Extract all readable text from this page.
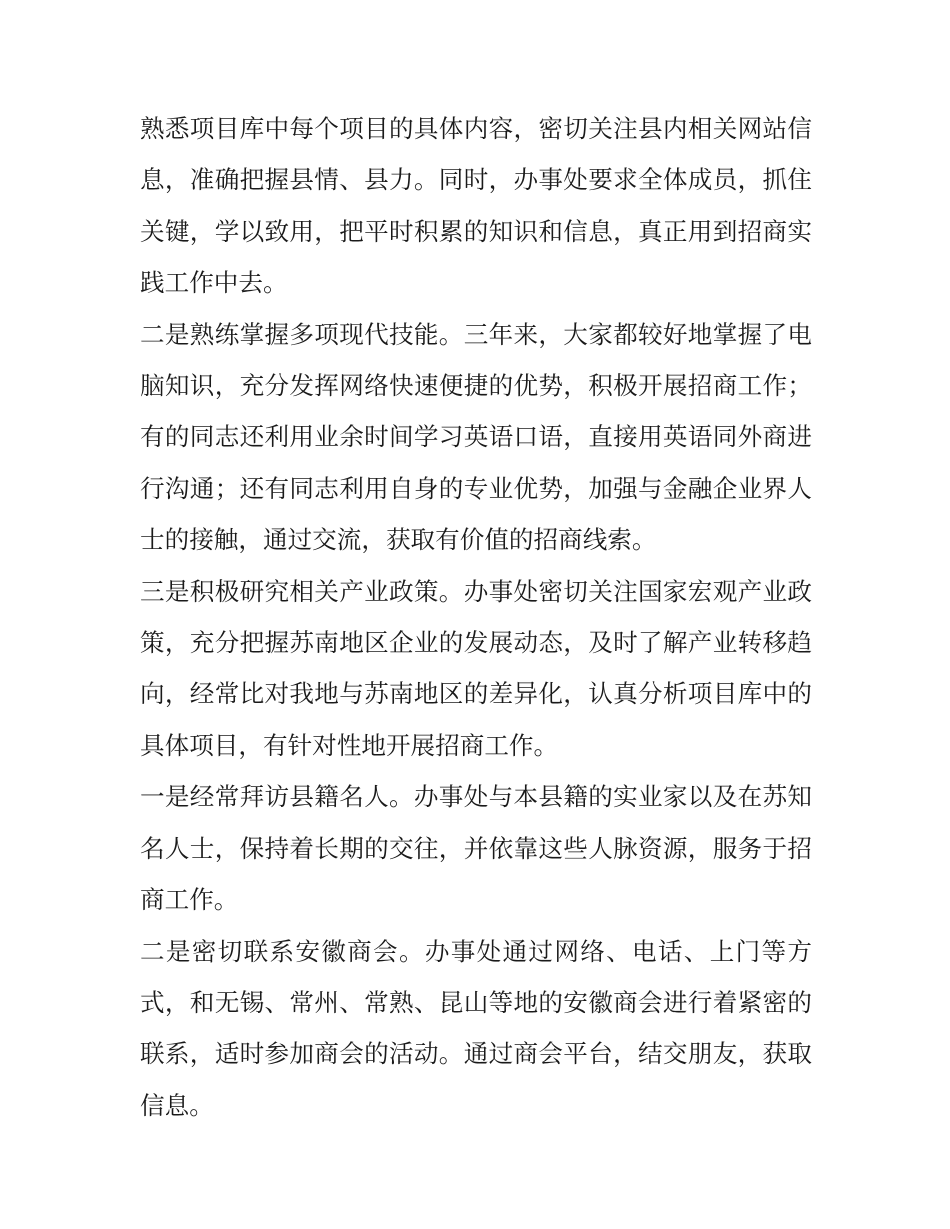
熟悉项目库中每个项目的具体内容，密切关注县内相关网站信息，准确把握县情、县力。同时，办事处要求全体成员，抓住关键，学以致用，把平时积累的知识和信息，真正用到招商实践工作中去。

二是熟练掌握多项现代技能。三年来，大家都较好地掌握了电脑知识，充分发挥网络快速便捷的优势，积极开展招商工作；有的同志还利用业余时间学习英语口语，直接用英语同外商进行沟通；还有同志利用自身的专业优势，加强与金融企业界人士的接触，通过交流，获取有价值的招商线索。

三是积极研究相关产业政策。办事处密切关注国家宏观产业政策，充分把握苏南地区企业的发展动态，及时了解产业转移趋向，经常比对我地与苏南地区的差异化，认真分析项目库中的具体项目，有针对性地开展招商工作。

一是经常拜访县籍名人。办事处与本县籍的实业家以及在苏知名人士，保持着长期的交往，并依靠这些人脉资源，服务于招商工作。

二是密切联系安徽商会。办事处通过网络、电话、上门等方式，和无锡、常州、常熟、昆山等地的安徽商会进行着紧密的联系，适时参加商会的活动。通过商会平台，结交朋友，获取信息。
